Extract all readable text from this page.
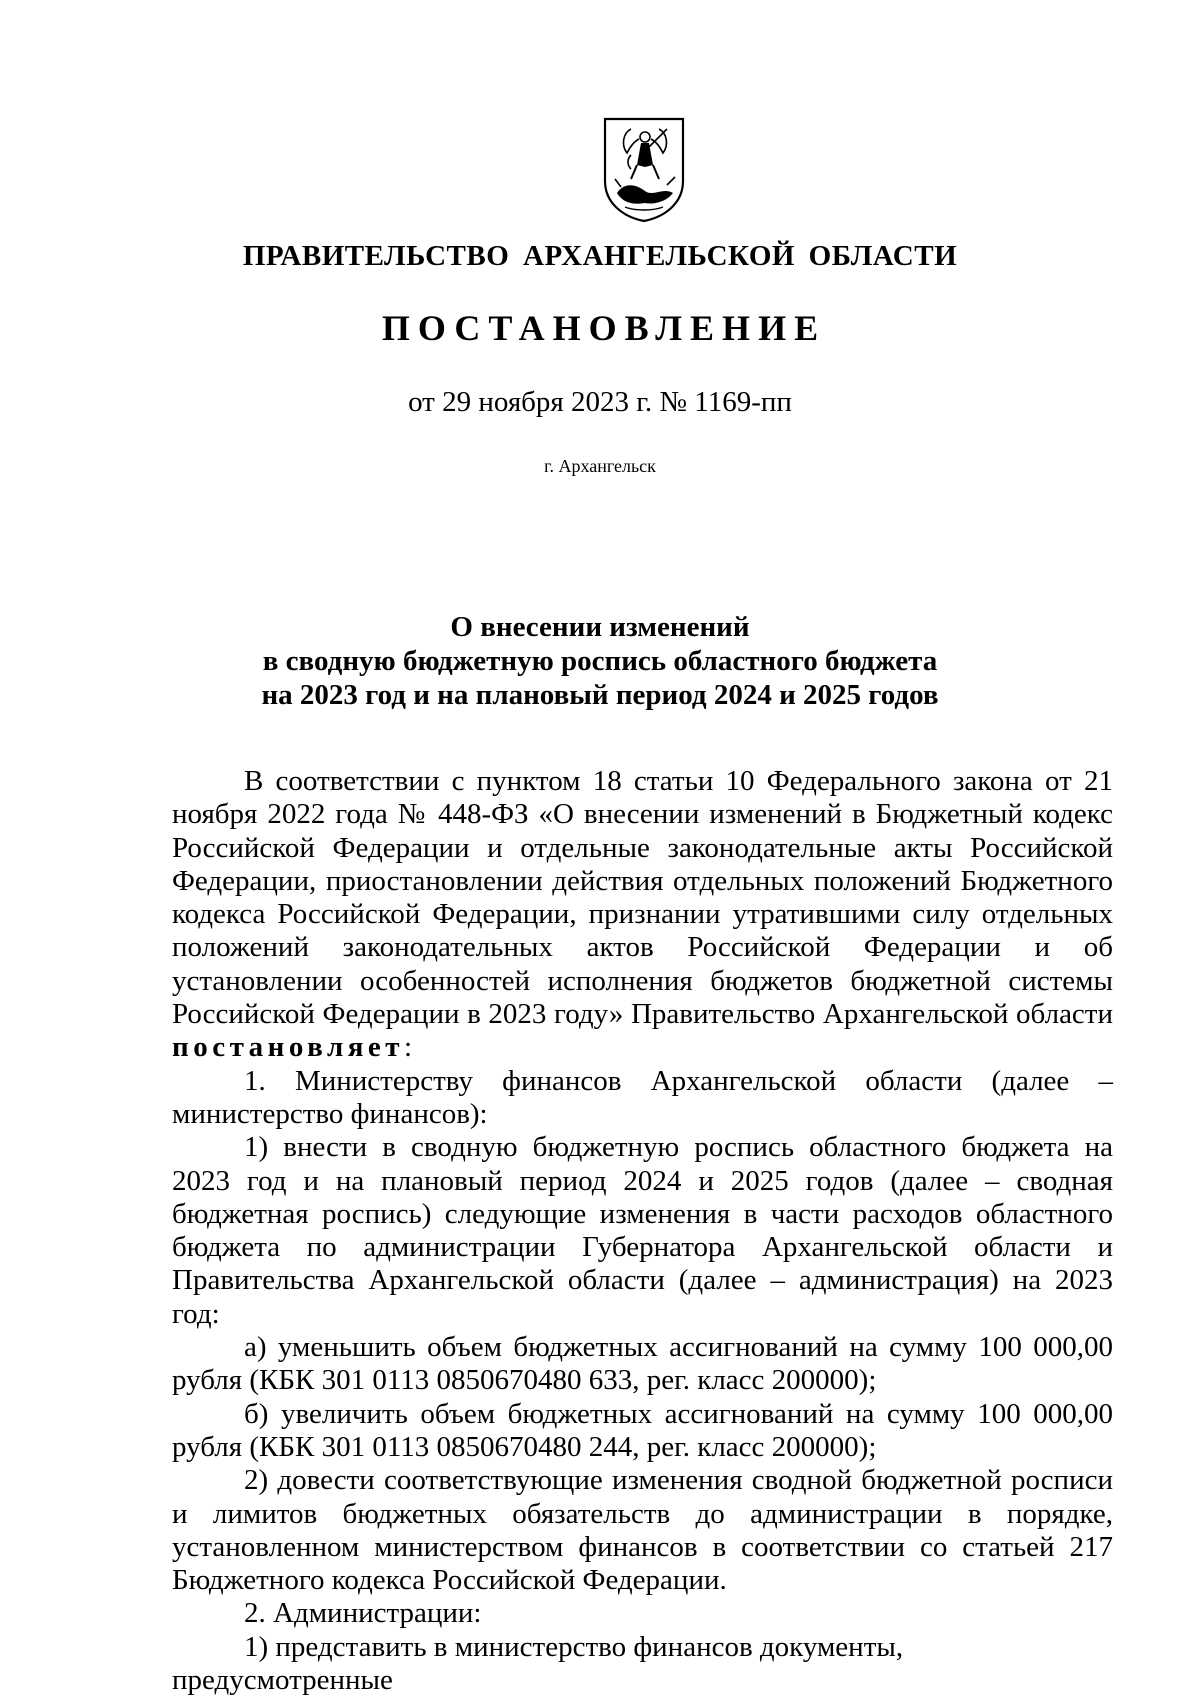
ПРАВИТЕЛЬСТВО АРХАНГЕЛЬСКОЙ ОБЛАСТИ
ПОСТАНОВЛЕНИЕ
от 29 ноября 2023 г. № 1169-пп
г. Архангельск
О внесении изменений
в сводную бюджетную роспись областного бюджета
на 2023 год и на плановый период 2024 и 2025 годов

В соответствии с пунктом 18 статьи 10 Федерального закона от 21 ноября 2022 года № 448-ФЗ «О внесении изменений в Бюджетный кодекс Российской Федерации и отдельные законодательные акты Российской Федерации, приостановлении действия отдельных положений Бюджетного кодекса Российской Федерации, признании утратившими силу отдельных положений законодательных актов Российской Федерации и об установлении особенностей исполнения бюджетов бюджетной системы Российской Федерации в 2023 году» Правительство Архангельской области постановляет:

1. Министерству финансов Архангельской области (далее – министерство финансов):

1) внести в сводную бюджетную роспись областного бюджета на 2023 год и на плановый период 2024 и 2025 годов (далее – сводная бюджетная роспись) следующие изменения в части расходов областного бюджета по администрации Губернатора Архангельской области и Правительства Архангельской области (далее – администрация) на 2023 год:

а) уменьшить объем бюджетных ассигнований на сумму 100 000,00 рубля (КБК 301 0113 0850670480 633, рег. класс 200000);

б) увеличить объем бюджетных ассигнований на сумму 100 000,00 рубля (КБК 301 0113 0850670480 244, рег. класс 200000);

2) довести соответствующие изменения сводной бюджетной росписи и лимитов бюджетных обязательств до администрации в порядке, установленном министерством финансов в соответствии со статьей 217 Бюджетного кодекса Российской Федерации.

2. Администрации:

1) представить в министерство финансов документы, предусмотренные
